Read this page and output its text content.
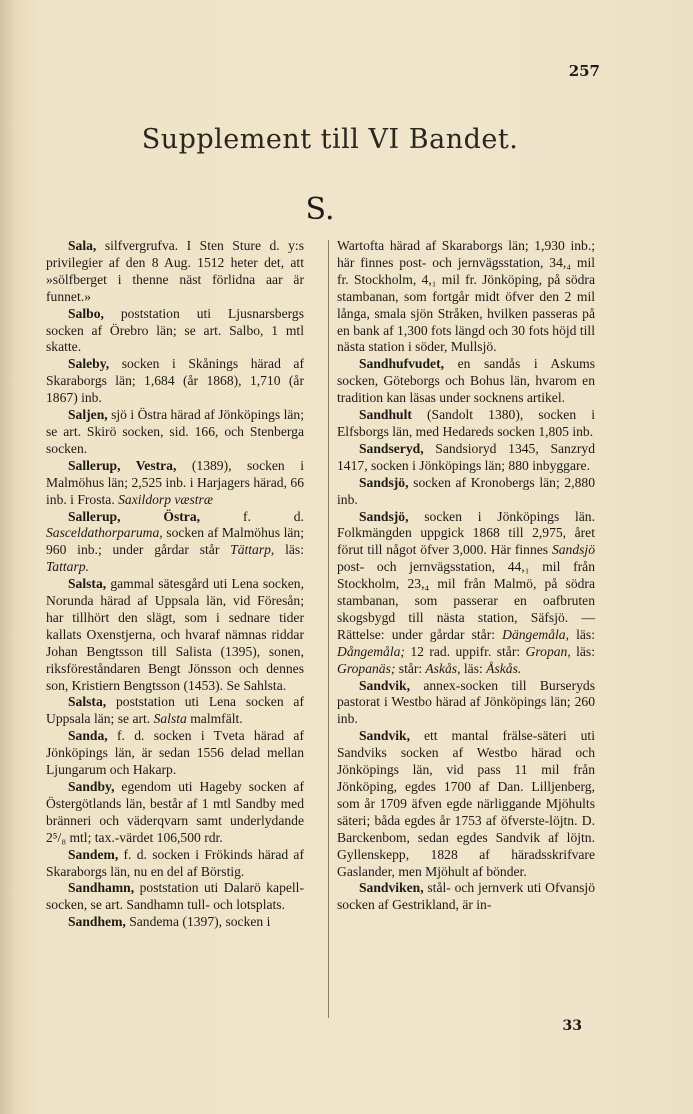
257
Supplement till VI Bandet.
S.

Sala, silfvergrufva. I Sten Sture d. y:s privilegier af den 8 Aug. 1512 heter det, att »sölfberget i thenne näst förlidna aar är funnet.»

Salbo, poststation uti Ljusnarsbergs socken af Örebro län; se art. Salbo, 1 mtl skatte.

Saleby, socken i Skånings härad af Skaraborgs län; 1,684 (år 1868), 1,710 (år 1867) inb.

Saljen, sjö i Östra härad af Jönköpings län; se art. Skirö socken, sid. 166, och Stenberga socken.

Sallerup, Vestra, (1389), socken i Malmöhus län; 2,525 inb. i Harjagers härad, 66 inb. i Frosta. Saxildorp væstræ

Sallerup, Östra, f. d. Sasceldathorparuma, socken af Malmöhus län; 960 inb.; under gårdar står Tättarp, läs: Tattarp.

Salsta, gammal sätesgård uti Lena socken, Norunda härad af Uppsala län, vid Föresån; har tillhört den slägt, som i sednare tider kallats Oxenstjerna, och hvaraf nämnas riddar Johan Bengtsson till Salista (1395), sonen, riksföreståndaren Bengt Jönsson och dennes son, Kristiern Bengtsson (1453). Se Sahlsta.

Salsta, poststation uti Lena socken af Uppsala län; se art. Salsta malmfält.

Sanda, f. d. socken i Tveta härad af Jönköpings län, är sedan 1556 delad mellan Ljungarum och Hakarp.

Sandby, egendom uti Hageby socken af Östergötlands län, består af 1 mtl Sandby med bränneri och väderqvarn samt underlydande 2⁵/₈ mtl; tax.-värdet 106,500 rdr.

Sandem, f. d. socken i Frökinds härad af Skaraborgs län, nu en del af Börstig.

Sandhamn, poststation uti Dalarö kapell-socken, se art. Sandhamn tull- och lotsplats.

Sandhem, Sandema (1397), socken i

Wartofta härad af Skaraborgs län; 1,930 inb.; här finnes post- och jernvägsstation, 34,₄ mil fr. Stockholm, 4,₁ mil fr. Jönköping, på södra stambanan, som fortgår midt öfver den 2 mil långa, smala sjön Stråken, hvilken passeras på en bank af 1,300 fots längd och 30 fots höjd till nästa station i söder, Mullsjö.

Sandhufvudet, en sandås i Askums socken, Göteborgs och Bohus län, hvarom en tradition kan läsas under socknens artikel.

Sandhult (Sandolt 1380), socken i Elfsborgs län, med Hedareds socken 1,805 inb.

Sandseryd, Sandsioryd 1345, Sanzryd 1417, socken i Jönköpings län; 880 inbyggare.

Sandsjö, socken af Kronobergs län; 2,880 inb.

Sandsjö, socken i Jönköpings län. Folkmängden uppgick 1868 till 2,975, året förut till något öfver 3,000. Här finnes Sandsjö post- och jernvägsstation, 44,₁ mil från Stockholm, 23,₄ mil från Malmö, på södra stambanan, som passerar en oafbruten skogsbygd till nästa station, Säfsjö. — Rättelse: under gårdar står: Dängemåla, läs: Dångemåla; 12 rad. uppifr. står: Gropan, läs: Gropanäs; står: Askås, läs: Åskås.

Sandvik, annex-socken till Burseryds pastorat i Westbo härad af Jönköpings län; 260 inb.

Sandvik, ett mantal frälse-säteri uti Sandviks socken af Westbo härad och Jönköpings län, vid pass 11 mil från Jönköping, egdes 1700 af Dan. Lilljenberg, som år 1709 äfven egde närliggande Mjöhults säteri; båda egdes år 1753 af öfverste-löjtn. D. Barckenbom, sedan egdes Sandvik af löjtn. Gyllenskepp, 1828 af häradsskrifvare Gaslander, men Mjöhult af bönder.

Sandviken, stål- och jernverk uti Ofvansjö socken af Gestrikland, är in-

33
